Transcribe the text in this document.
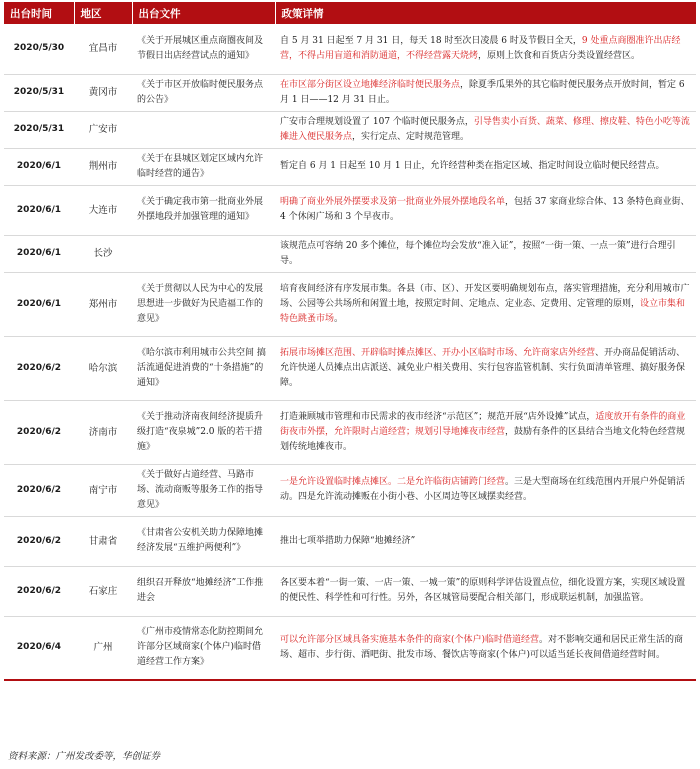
出台时间	地区	出台文件	政策详情
2020/5/30	宜昌市	《关于开展城区重点商圈夜间及节假日出店经营试点的通知》	自 5 月 31 日起至 7 月 31 日，每天 18 时至次日凌晨 6 时及节假日全天，9 处重点商圈准许出店经营，不得占用盲道和消防通道，不得经营露天烧烤，原则上饮食和百货店分类设置经营区。
2020/5/31	黄冈市	《关于市区开放临时便民服务点的公告》	在市区部分街区设立地摊经济临时便民服务点，除夏季瓜果外的其它临时便民服务点开放时间，暂定 6 月 1 日——12 月 31 日止。
2020/5/31	广安市		广安市合理规划设置了 107 个临时便民服务点，引导售卖小百货、蔬菜、修理、擦皮鞋、特色小吃等流摊进入便民服务点，实行定点、定时规范管理。
2020/6/1	荆州市	《关于在县城区划定区域内允许临时经营的通告》	暂定自 6 月 1 日起至 10 月 1 日止，允许经营种类在指定区域、指定时间设立临时便民经营点。
2020/6/1	大连市	《关于确定我市第一批商业外展外摆地段并加强管理的通知》	明确了商业外展外摆要求及第一批商业外展外摆地段名单，包括 37 家商业综合体、13 条特色商业街、4 个休闲广场和 3 个早夜市。
2020/6/1	长沙		该规范点可容纳 20 多个摊位，每个摊位均会发放“准入证”，按照“一街一策、一点一策”进行合理引导。
2020/6/1	郑州市	《关于贯彻以人民为中心的发展思想进一步做好为民造福工作的意见》	培育夜间经济有序发展市集。各县（市、区）、开发区要明确规划布点，落实管理措施，充分利用城市广场、公园等公共场所和闲置土地，按照定时间、定地点、定业态、定费用、定管理的原则，设立市集和特色跳蚤市场。
2020/6/2	哈尔滨	《哈尔滨市利用城市公共空间 搞活流通促进消费的“十条措施”的通知》	拓展市场摊区范围、开辟临时摊点摊区、开办小区临时市场、允许商家店外经营、开办商品促销活动、允许快递人员摊点出店派送、减免业户相关费用、实行包容监管机制、实行负面清单管理、搞好服务保障。
2020/6/2	济南市	《关于推动济南夜间经济提质升级打造“夜泉城”2.0 版的若干措施》	打造兼顾城市管理和市民需求的夜市经济“示范区”；规范开展“店外设摊”试点，适度放开有条件的商业街夜市外摆，允许限时占道经营；规划引导地摊夜市经营，鼓励有条件的区县结合当地文化特色经营规划传统地摊夜市。
2020/6/2	南宁市	《关于做好占道经营、马路市场、流动商贩等服务工作的指导意见》	一是允许设置临时摊点摊区。二是允许临街店铺跨门经营。三是大型商场在红线范围内开展户外促销活动。四是允许流动摊贩在小街小巷、小区周边等区域摆卖经营。
2020/6/2	甘肃省	《甘肃省公安机关助力保障地摊经济发展“五维护两便利”》	推出七项举措助力保障“地摊经济”
2020/6/2	石家庄	组织召开释放“地摊经济”工作推进会	各区要本着“一街一策、一店一策、一城一策”的原则科学评估设置点位，细化设置方案，实现区域设置的便民性、科学性和可行性。另外，各区城管局要配合相关部门，形成联运机制，加强监管。
2020/6/4	广州	《广州市疫情常态化防控期间允许部分区域商家(个体户)临时借道经营工作方案》	可以允许部分区域具备实施基本条件的商家(个体户)临时借道经营。对不影响交通和居民正常生活的商场、超市、步行街、酒吧街、批发市场、餐饮店等商家(个体户)可以适当延长夜间借道经营时间。
资料来源：广州发改委等，华创证券
